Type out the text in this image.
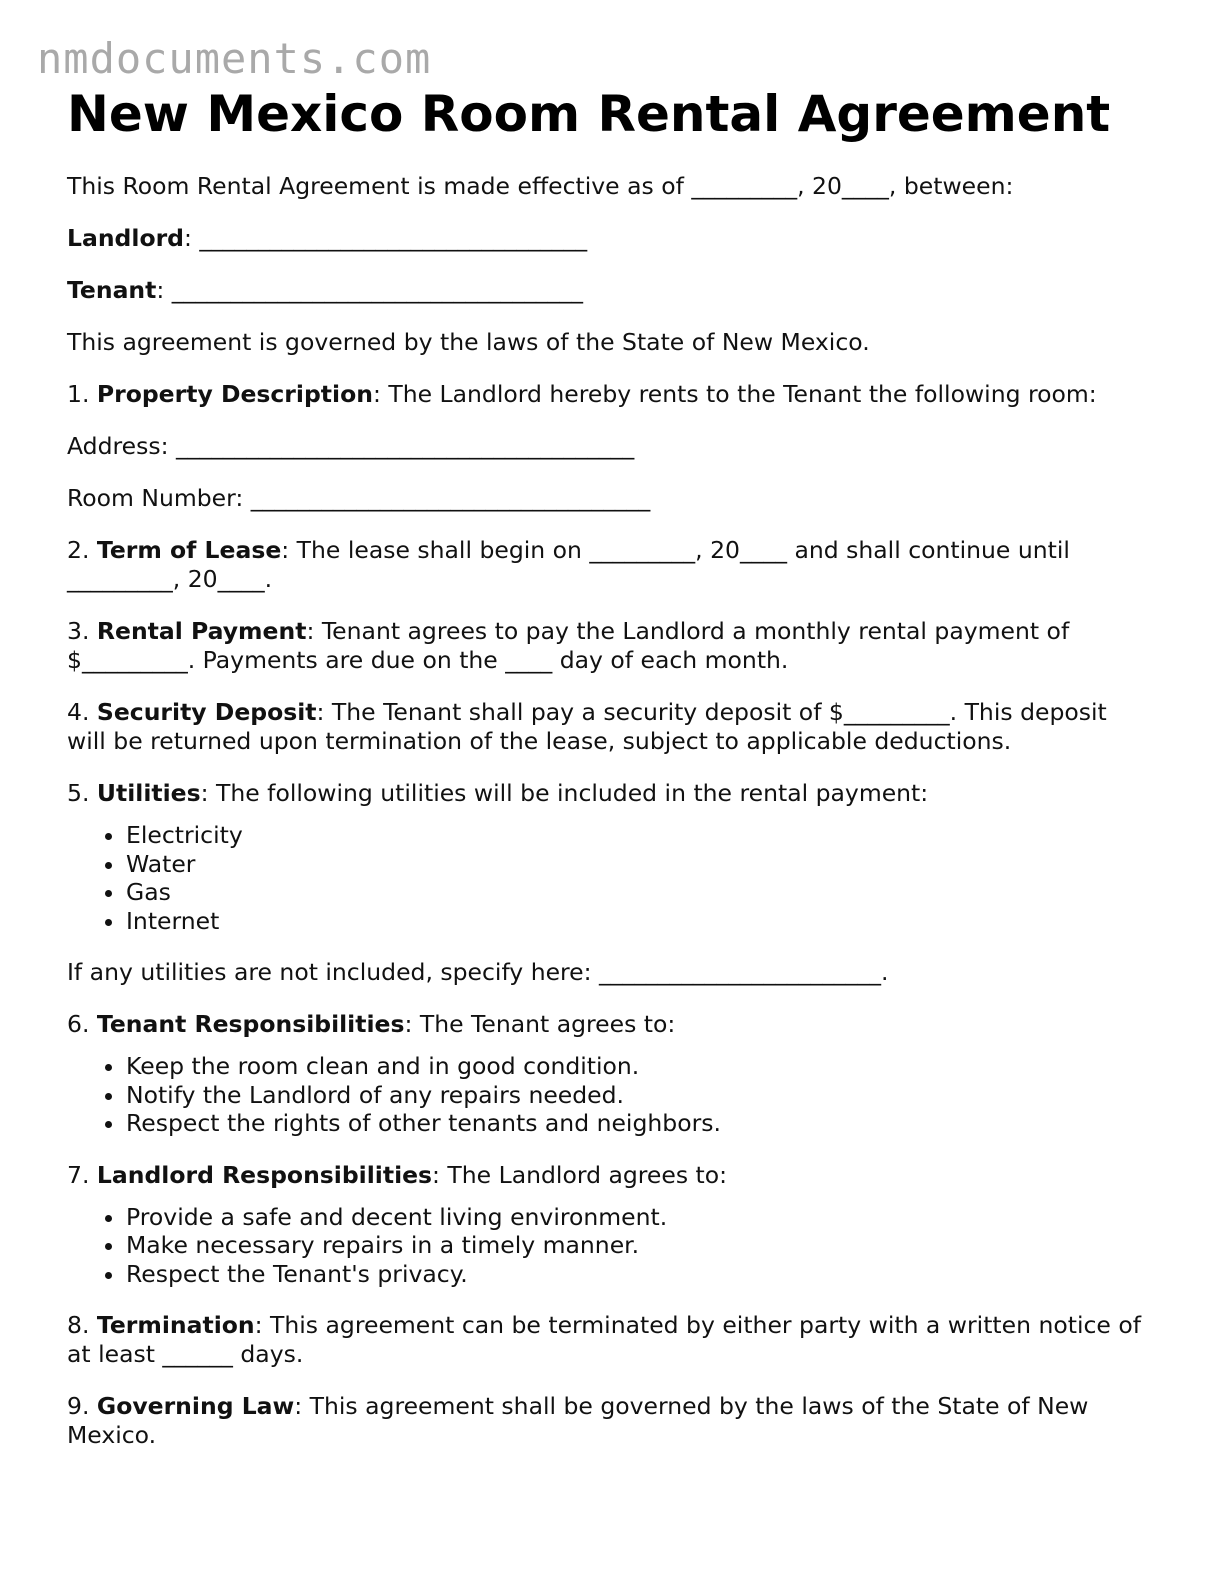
nmdocuments.com
New Mexico Room Rental Agreement

This Room Rental Agreement is made effective as of _________, 20____, between:

Landlord: _________________________________

Tenant: ___________________________________

This agreement is governed by the laws of the State of New Mexico.

1. Property Description: The Landlord hereby rents to the Tenant the following room:

Address: _______________________________________

Room Number: __________________________________

2. Term of Lease: The lease shall begin on _________, 20____ and shall continue until _________, 20____.

3. Rental Payment: Tenant agrees to pay the Landlord a monthly rental payment of $_________. Payments are due on the ____ day of each month.

4. Security Deposit: The Tenant shall pay a security deposit of $_________. This deposit will be returned upon termination of the lease, subject to applicable deductions.

5. Utilities: The following utilities will be included in the rental payment:

• Electricity
• Water
• Gas
• Internet

If any utilities are not included, specify here: ________________________.

6. Tenant Responsibilities: The Tenant agrees to:

• Keep the room clean and in good condition.
• Notify the Landlord of any repairs needed.
• Respect the rights of other tenants and neighbors.

7. Landlord Responsibilities: The Landlord agrees to:

• Provide a safe and decent living environment.
• Make necessary repairs in a timely manner.
• Respect the Tenant's privacy.

8. Termination: This agreement can be terminated by either party with a written notice of at least ______ days.

9. Governing Law: This agreement shall be governed by the laws of the State of New Mexico.
